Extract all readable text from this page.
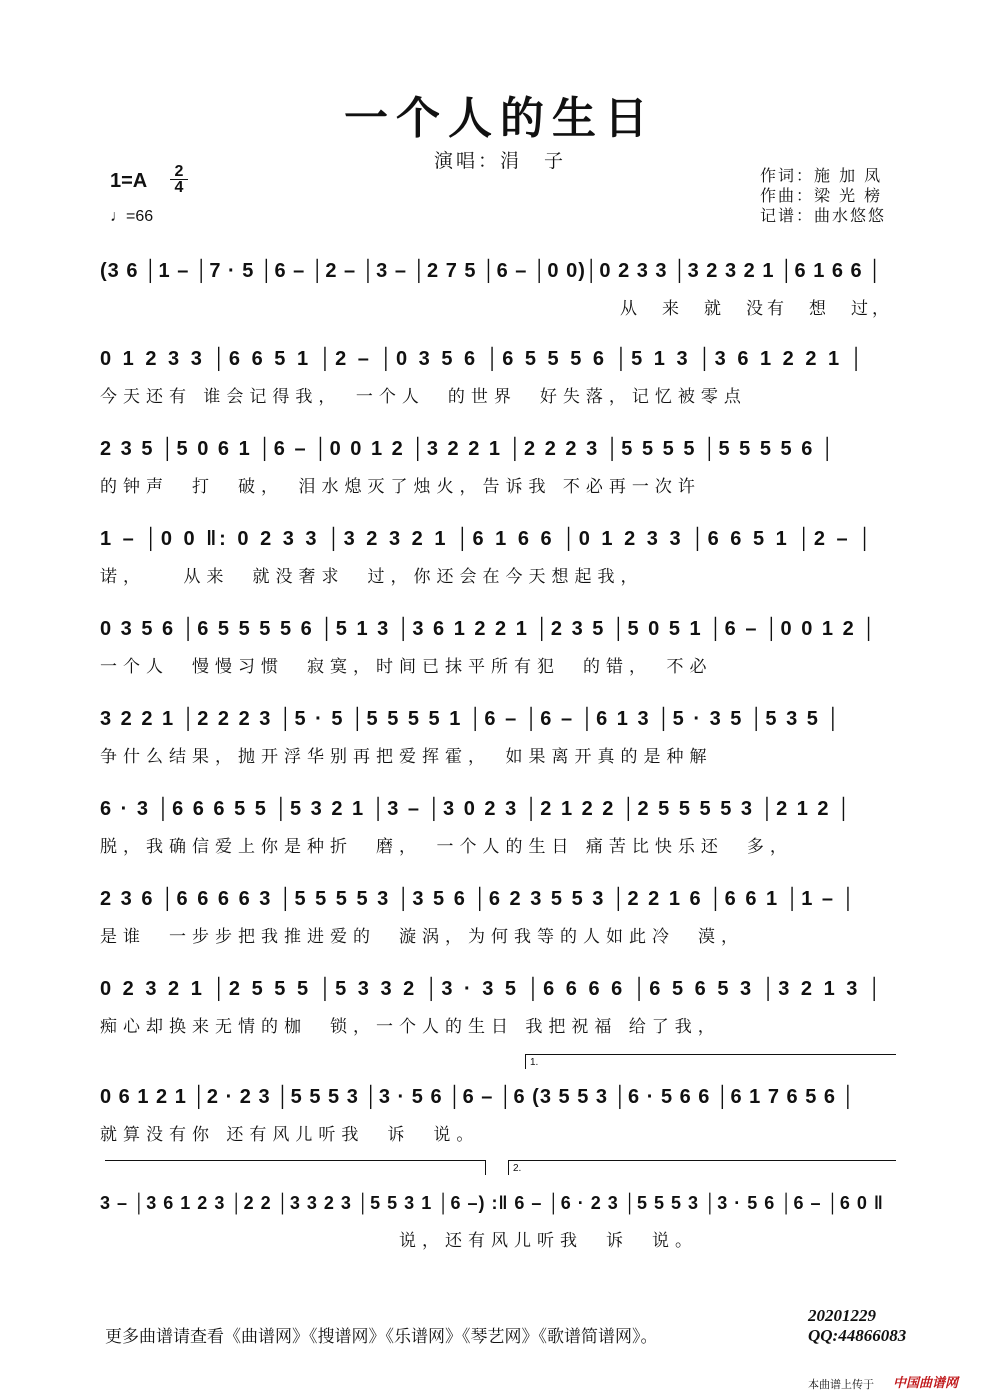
一个人的生日
演唱：涓　子
1=A 2
4
♩=66
作词：施 加 凤
作曲：梁 光 榜
记谱：曲水悠悠
(3 6 │1 – │7 · 5 │6 – │2 – │3 – │2 7 5 │6 – │0 0)│0 2 3 3 │3 2 3 2 1 │6 1 6 6 │
从　来　就　没有　想　过，
0 1 2 3 3 │6 6 5 1 │2 – │0 3 5 6 │6 5 5 5 6 │5 1 3 │3 6 1 2 2 1 │
今天还有 谁会记得我，　一个人　的世界　好失落，记忆被零点
2 3 5 │5 0 6 1 │6 – │0 0 1 2 │3 2 2 1 │2 2 2 3 │5 5 5 5 │5 5 5 5 6 │
的钟声　打　破，　泪水熄灭了烛火，告诉我 不必再一次许
1 – │0 0 ‖: 0 2 3 3 │3 2 3 2 1 │6 1 6 6 │0 1 2 3 3 │6 6 5 1 │2 – │
诺，　　从来　就没奢求　过，你还会在今天想起我，
0 3 5 6 │6 5 5 5 5 6 │5 1 3 │3 6 1 2 2 1 │2 3 5 │5 0 5 1 │6 – │0 0 1 2 │
一个人　慢慢习惯　寂寞，时间已抹平所有犯　的错，　不必
3 2 2 1 │2 2 2 3 │5 · 5 │5 5 5 5 1 │6 – │6 – │6 1 3 │5 · 3 5 │5 3 5 │
争什么结果，抛开浮华别再把爱挥霍，　如果离开真的是种解
6 · 3 │6 6 6 5 5 │5 3 2 1 │3 – │3 0 2 3 │2 1 2 2 │2 5 5 5 5 3 │2 1 2 │
脱，我确信爱上你是种折　磨，　一个人的生日 痛苦比快乐还　多，
2 3 6 │6 6 6 6 3 │5 5 5 5 3 │3 5 6 │6 2 3 5 5 3 │2 2 1 6 │6 6 1 │1 – │
是谁　一步步把我推进爱的　漩涡，为何我等的人如此冷　漠，
0 2 3 2 1 │2 5 5 5 │5 3 3 2 │3 · 3 5 │6 6 6 6 │6 5 6 5 3 │3 2 1 3 │
痴心却换来无情的枷　锁，一个人的生日 我把祝福 给了我，
1.
0 6 1 2 1 │2 · 2 3 │5 5 5 3 │3 · 5 6 │6 – │6 (3 5 5 3 │6 · 5 6 6 │6 1 7 6 5 6 │
就算没有你 还有风儿听我　诉　说。
2.
3 – │3 6 1 2 3 │2 2 │3 3 2 3 │5 5 3 1 │6 –) :‖ 6 – │6 · 2 3 │5 5 5 3 │3 · 5 6 │6 – │6 0 ‖
　　　　　　　　　　　　　说，还有风儿听我　诉　说。
更多曲谱请查看《曲谱网》《搜谱网》《乐谱网》《琴艺网》《歌谱简谱网》。
20201229
QQ:44866083
本曲谱上传于 中国曲谱网
